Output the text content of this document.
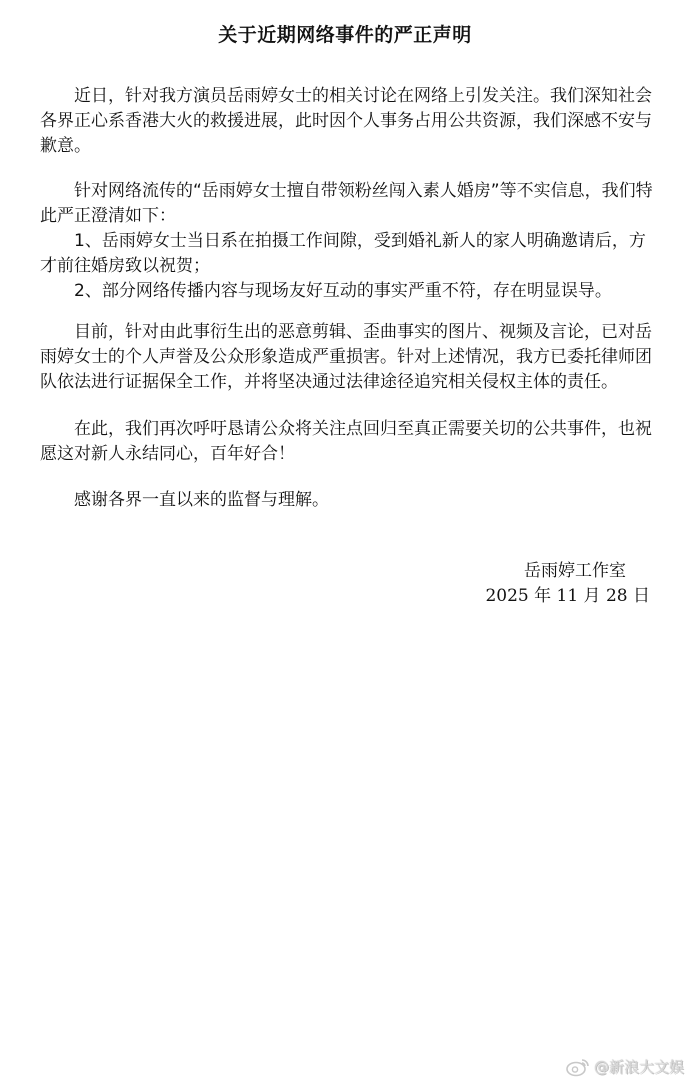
关于近期网络事件的严正声明

近日，针对我方演员岳雨婷女士的相关讨论在网络上引发关注。我们深知社会各界正心系香港大火的救援进展，此时因个人事务占用公共资源，我们深感不安与歉意。

针对网络流传的“岳雨婷女士擅自带领粉丝闯入素人婚房”等不实信息，我们特此严正澄清如下：

1、岳雨婷女士当日系在拍摄工作间隙，受到婚礼新人的家人明确邀请后，方才前往婚房致以祝贺；

2、部分网络传播内容与现场友好互动的事实严重不符，存在明显误导。

目前，针对由此事衍生出的恶意剪辑、歪曲事实的图片、视频及言论，已对岳雨婷女士的个人声誉及公众形象造成严重损害。针对上述情况，我方已委托律师团队依法进行证据保全工作，并将坚决通过法律途径追究相关侵权主体的责任。

在此，我们再次呼吁恳请公众将关注点回归至真正需要关切的公共事件，也祝愿这对新人永结同心，百年好合！

感谢各界一直以来的监督与理解。

岳雨婷工作室
2025 年 11 月 28 日
@新浪大文娱
